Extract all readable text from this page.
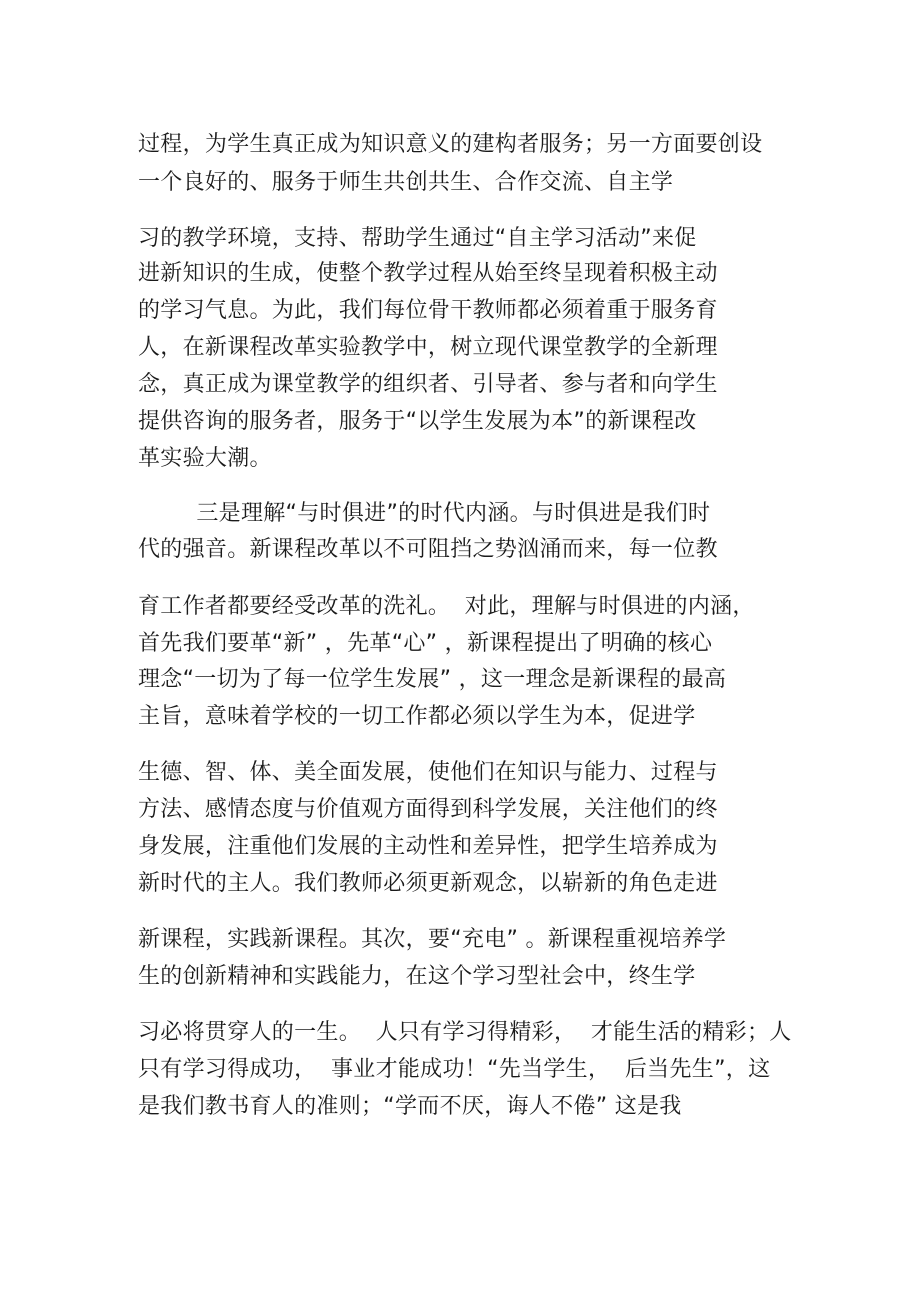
过程，为学生真正成为知识意义的建构者服务；另一方面要创设
一个良好的、服务于师生共创共生、合作交流、自主学
习的教学环境，支持、帮助学生通过“自主学习活动”来促
进新知识的生成，使整个教学过程从始至终呈现着积极主动
的学习气息。为此，我们每位骨干教师都必须着重于服务育
人，在新课程改革实验教学中，树立现代课堂教学的全新理
念，真正成为课堂教学的组织者、引导者、参与者和向学生
提供咨询的服务者，服务于“以学生发展为本”的新课程改
革实验大潮。
三是理解“与时俱进”的时代内涵。与时俱进是我们时
代的强音。新课程改革以不可阻挡之势汹涌而来，每一位教
育工作者都要经受改革的洗礼。  对此，理解与时俱进的内涵，
首先我们要革“新” ，先革“心” ，新课程提出了明确的核心
理念“一切为了每一位学生发展” ，这一理念是新课程的最高
主旨，意味着学校的一切工作都必须以学生为本，促进学
生德、智、体、美全面发展，使他们在知识与能力、过程与
方法、感情态度与价值观方面得到科学发展，关注他们的终
身发展，注重他们发展的主动性和差异性，把学生培养成为
新时代的主人。我们教师必须更新观念，以崭新的角色走进
新课程，实践新课程。其次，要“充电” 。新课程重视培养学
生的创新精神和实践能力，在这个学习型社会中，终生学
习必将贯穿人的一生。  人只有学习得精彩，  才能生活的精彩；人
只有学习得成功，  事业才能成功！“先当学生，  后当先生”，这
是我们教书育人的准则；“学而不厌，诲人不倦” 这是我
